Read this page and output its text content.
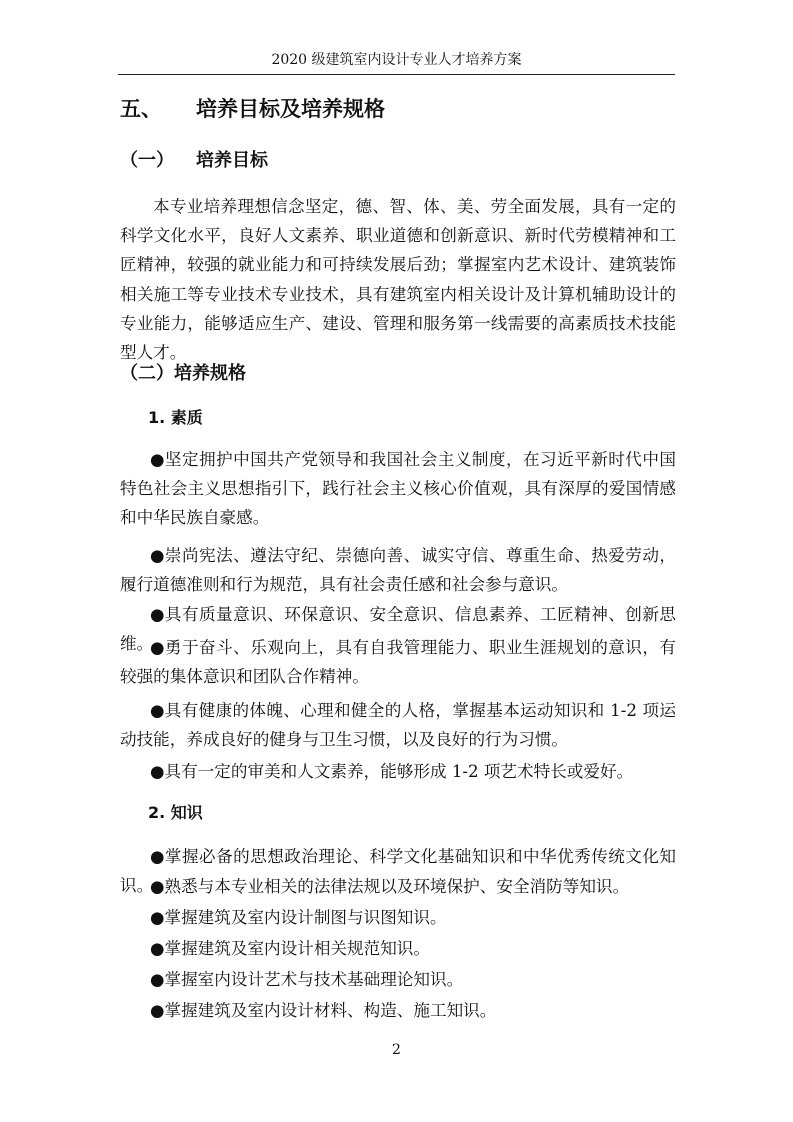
2020 级建筑室内设计专业人才培养方案
五、 培养目标及培养规格
（一） 培养目标

本专业培养理想信念坚定，德、智、体、美、劳全面发展，具有一定的科学文化水平，良好人文素养、职业道德和创新意识、新时代劳模精神和工匠精神，较强的就业能力和可持续发展后劲；掌握室内艺术设计、建筑装饰相关施工等专业技术专业技术，具有建筑室内相关设计及计算机辅助设计的专业能力，能够适应生产、建设、管理和服务第一线需要的高素质技术技能型人才。

（二）培养规格
1. 素质

●坚定拥护中国共产党领导和我国社会主义制度，在习近平新时代中国特色社会主义思想指引下，践行社会主义核心价值观，具有深厚的爱国情感和中华民族自豪感。

●崇尚宪法、遵法守纪、崇德向善、诚实守信、尊重生命、热爱劳动，履行道德准则和行为规范，具有社会责任感和社会参与意识。

●具有质量意识、环保意识、安全意识、信息素养、工匠精神、创新思维。

●勇于奋斗、乐观向上，具有自我管理能力、职业生涯规划的意识，有较强的集体意识和团队合作精神。

●具有健康的体魄、心理和健全的人格，掌握基本运动知识和 1-2 项运动技能，养成良好的健身与卫生习惯，以及良好的行为习惯。

●具有一定的审美和人文素养，能够形成 1-2 项艺术特长或爱好。

2. 知识

●掌握必备的思想政治理论、科学文化基础知识和中华优秀传统文化知识。

●熟悉与本专业相关的法律法规以及环境保护、安全消防等知识。

●掌握建筑及室内设计制图与识图知识。

●掌握建筑及室内设计相关规范知识。

●掌握室内设计艺术与技术基础理论知识。

●掌握建筑及室内设计材料、构造、施工知识。

2
